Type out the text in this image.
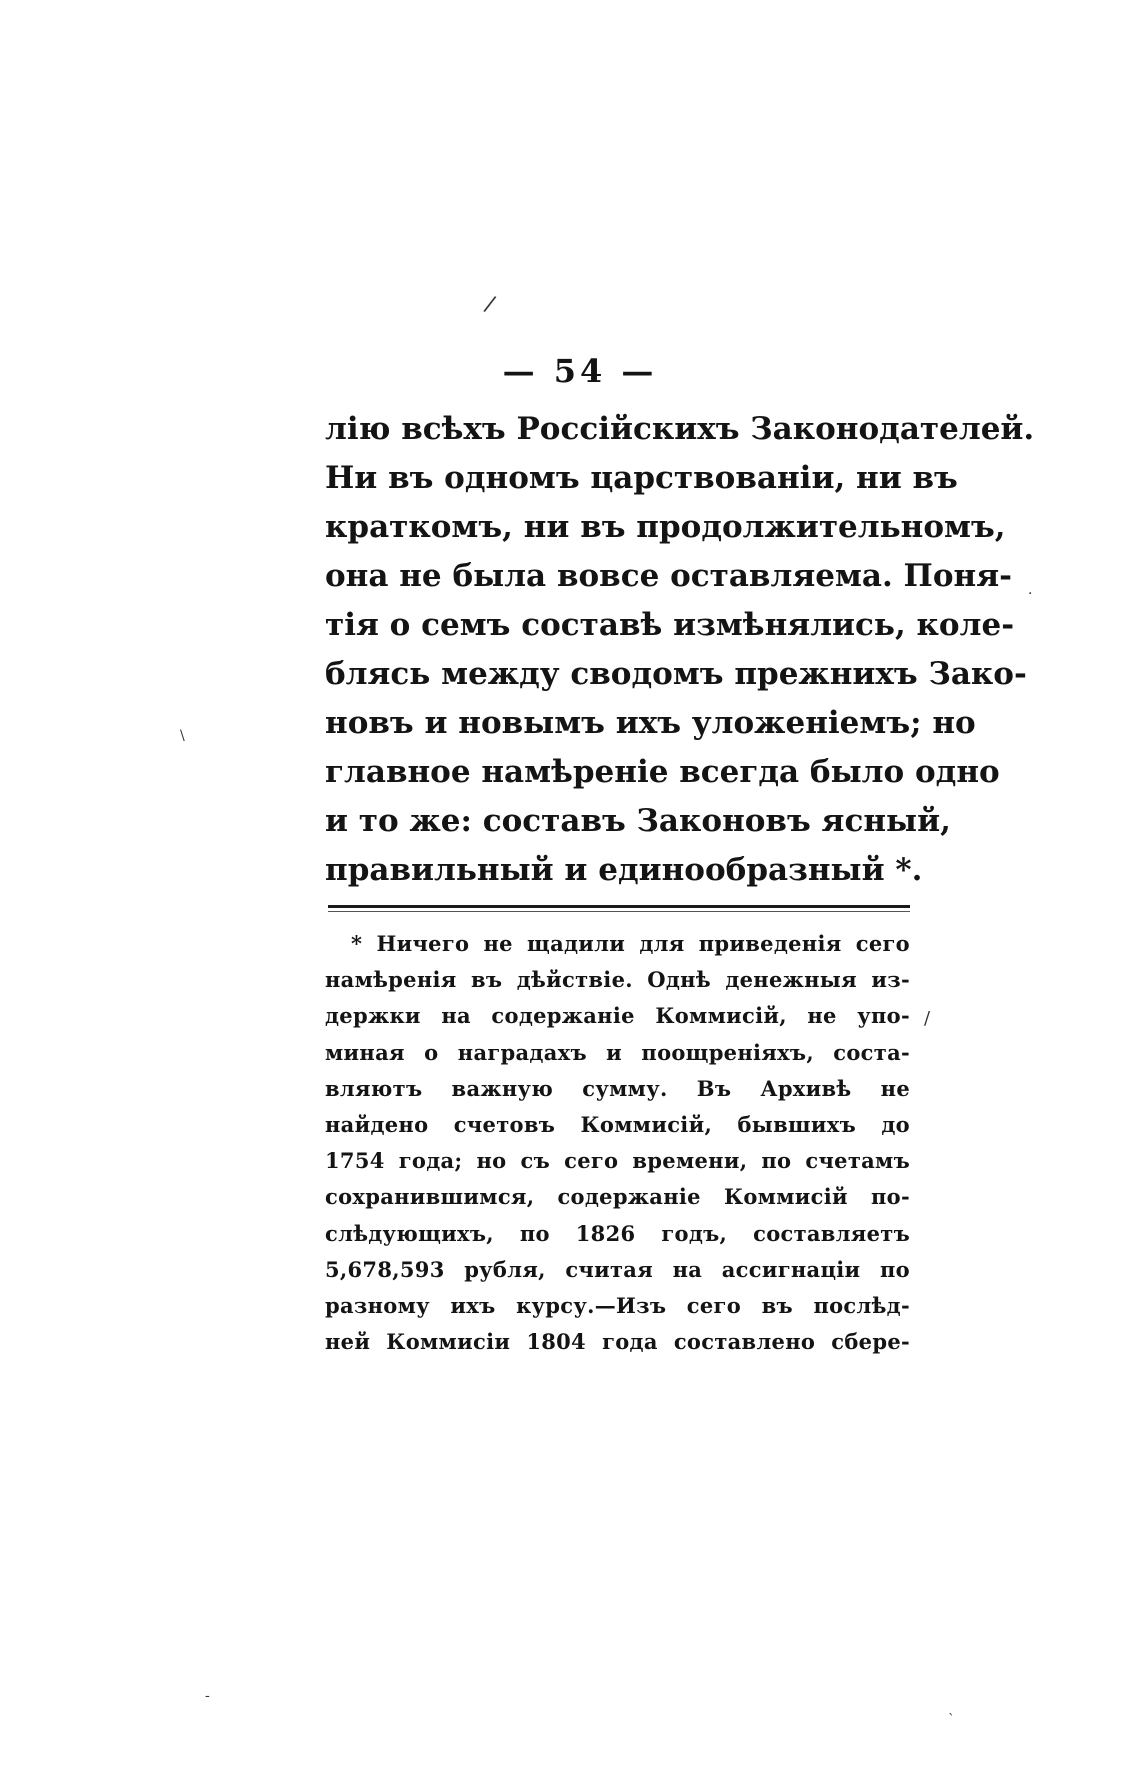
/
.
\
/
-
`
— 54 —
лію всѣхъ Россійскихъ Законодателей.
Ни въ одномъ царствованіи, ни въ
краткомъ, ни въ продолжительномъ,
она не была вовсе оставляема. Поня-
тія о семъ составѣ измѣнялись, коле-
блясь между сводомъ прежнихъ Зако-
новъ и новымъ ихъ уложеніемъ; но
главное намѣреніе всегда было одно
и то же: составъ Законовъ ясный,
правильный и единообразный *.
* Ничего не щадили для приведенія сего
намѣренія въ дѣйствіе. Однѣ денежныя из-
держки на содержаніе Коммисій, не упо-
миная о наградахъ и поощреніяхъ, соста-
вляютъ важную сумму. Въ Архивѣ не
найдено счетовъ Коммисій, бывшихъ до
1754 года; но съ сего времени, по счетамъ
сохранившимся, содержаніе Коммисій по-
слѣдующихъ, по 1826 годъ, составляетъ
5,678,593 рубля, считая на ассигнаціи по
разному ихъ курсу.—Изъ сего въ послѣд-
ней Коммисіи 1804 года составлено сбере-
